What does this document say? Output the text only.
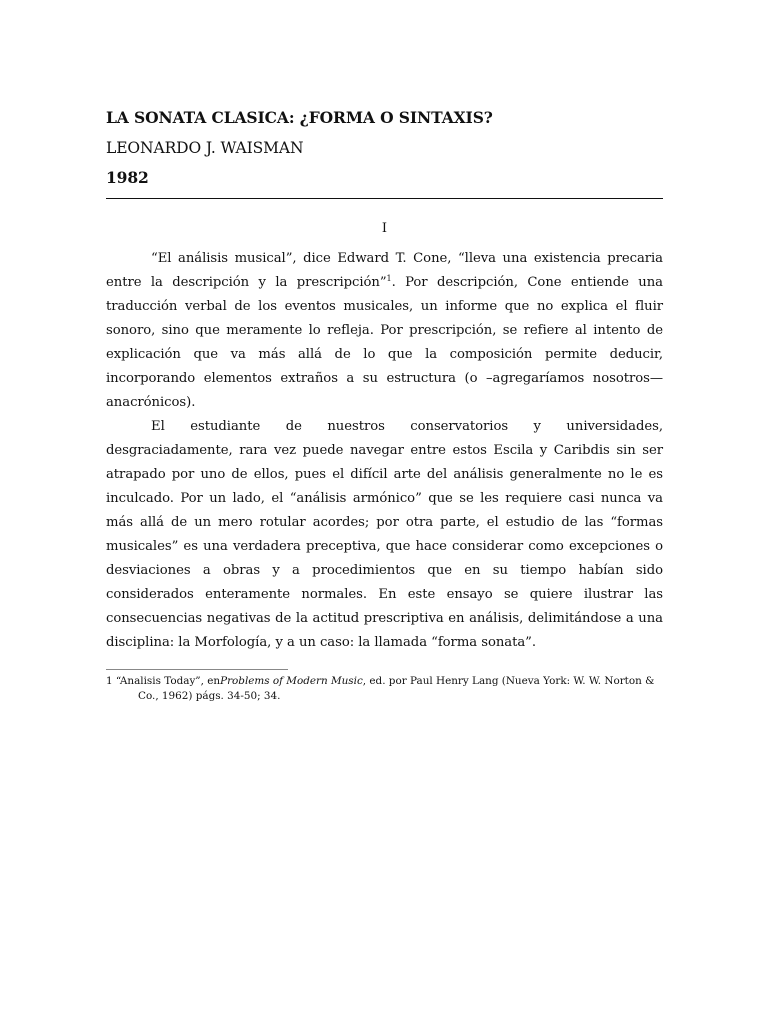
LA SONATA CLASICA: ¿FORMA O SINTAXIS?
LEONARDO J. WAISMAN
1982
I

“El análisis musical”, dice Edward T. Cone, “lleva una existencia precaria entre la descripción y la prescripción”$^1$. Por descripción, Cone entiende una traducción verbal de los eventos musicales, un informe que no explica el fluir sonoro, sino que meramente lo refleja. Por prescripción, se refiere al intento de explicación que va más allá de lo que la composición permite deducir, incorporando elementos extraños a su estructura (o –agregaríamos nosotros— anacrónicos).

El estudiante de nuestros conservatorios y universidades, desgraciadamente, rara vez puede navegar entre estos Escila y Caribdis sin ser atrapado por uno de ellos, pues el difícil arte del análisis generalmente no le es inculcado. Por un lado, el “análisis armónico” que se les requiere casi nunca va más allá de un mero rotular acordes; por otra parte, el estudio de las “formas musicales” es una verdadera preceptiva, que hace considerar como excepciones o desviaciones a obras y a procedimientos que en su tiempo habían sido considerados enteramente normales. En este ensayo se quiere ilustrar las consecuencias negativas de la actitud prescriptiva en análisis, delimitándose a una disciplina: la Morfología, y a un caso: la llamada “forma sonata”.

1 “Analisis Today”, enProblems of Modern Music, ed. por Paul Henry Lang (Nueva York: W. W. Norton & Co., 1962) págs. 34-50; 34.
